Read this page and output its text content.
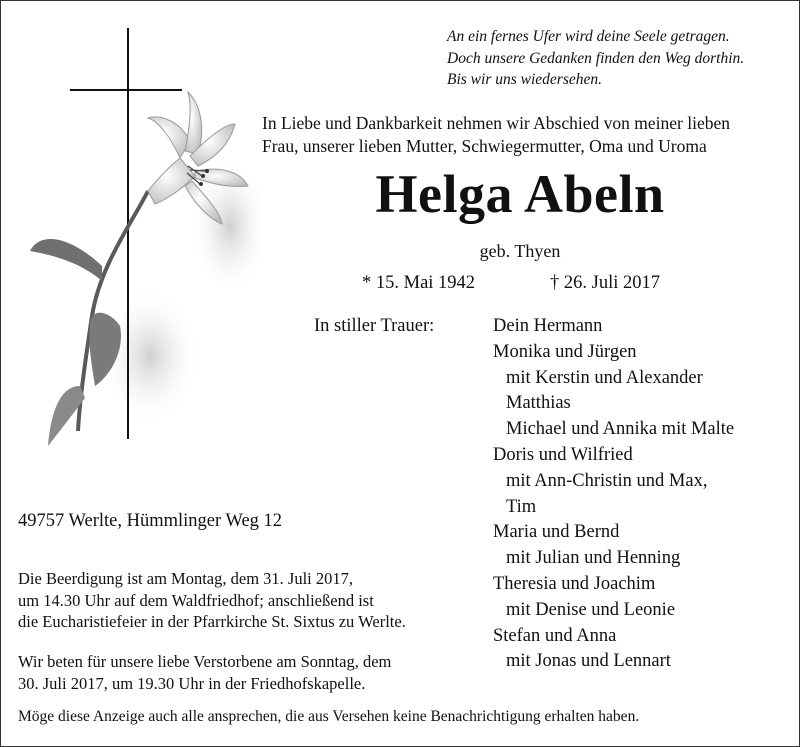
An ein fernes Ufer wird deine Seele getragen.
Doch unsere Gedanken finden den Weg dorthin.
Bis wir uns wiedersehen.
In Liebe und Dankbarkeit nehmen wir Abschied von meiner lieben
Frau, unserer lieben Mutter, Schwiegermutter, Oma und Uroma
Helga Abeln
geb. Thyen
* 15. Mai 1942	† 26. Juli 2017
In stiller Trauer:	Dein Hermann
Monika und Jürgen
mit Kerstin und Alexander
Matthias
Michael und Annika mit Malte
Doris und Wilfried
mit Ann-Christin und Max,
Tim
Maria und Bernd
mit Julian und Henning
Theresia und Joachim
mit Denise und Leonie
Stefan und Anna
mit Jonas und Lennart
49757 Werlte, Hümmlinger Weg 12
Die Beerdigung ist am Montag, dem 31. Juli 2017,
um 14.30 Uhr auf dem Waldfriedhof; anschließend ist
die Eucharistiefeier in der Pfarrkirche St. Sixtus zu Werlte.
Wir beten für unsere liebe Verstorbene am Sonntag, dem
30. Juli 2017, um 19.30 Uhr in der Friedhofskapelle.
Möge diese Anzeige auch alle ansprechen, die aus Versehen keine Benachrichtigung erhalten haben.
